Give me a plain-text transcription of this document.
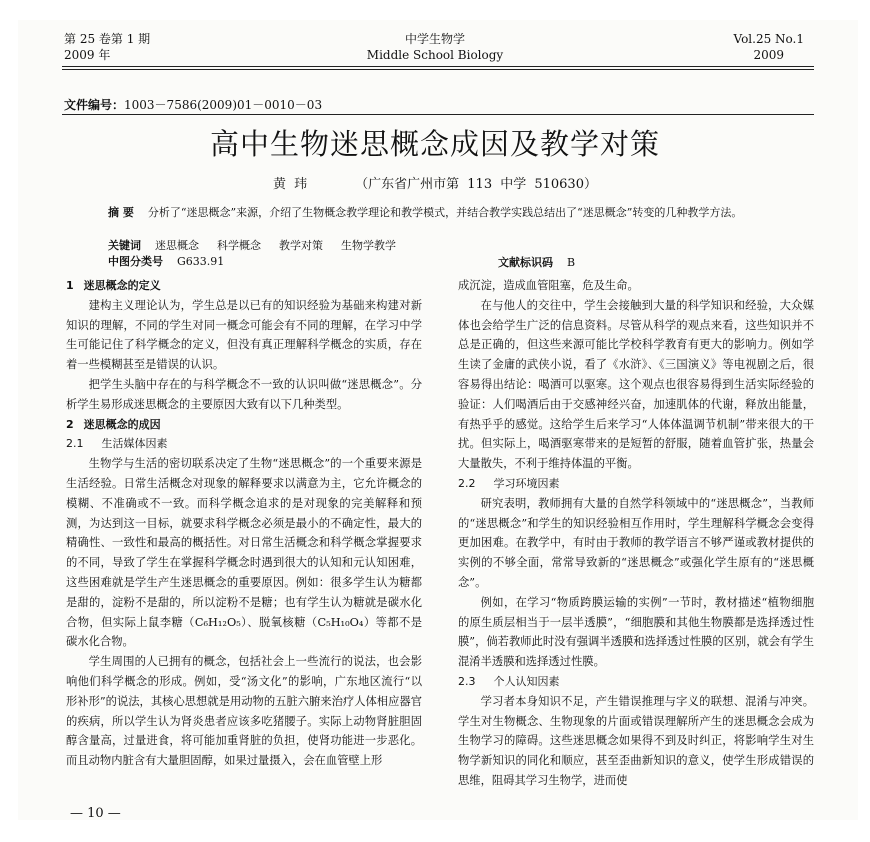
第 25 卷第 1 期
2009 年
中学生物学
Middle School Biology
Vol.25 No.1
2009
文件编号：1003－7586(2009)01－0010－03
高中生物迷思概念成因及教学对策
黄 玮	（广东省广州市第 113 中学 510630）
摘 要 分析了“迷思概念”来源，介绍了生物概念教学理论和教学模式，并结合教学实践总结出了“迷思概念”转变的几种教学方法。
关键词 迷思概念 科学概念 教学对策 生物学教学
中图分类号 G633.91	文献标识码 B
1 迷思概念的定义

建构主义理论认为，学生总是以已有的知识经验为基础来构建对新知识的理解，不同的学生对同一概念可能会有不同的理解，在学习中学生可能记住了科学概念的定义，但没有真正理解科学概念的实质，存在着一些模糊甚至是错误的认识。

把学生头脑中存在的与科学概念不一致的认识叫做“迷思概念”。分析学生易形成迷思概念的主要原因大致有以下几种类型。

2 迷思概念的成因
2.1 生活媒体因素

生物学与生活的密切联系决定了生物“迷思概念”的一个重要来源是生活经验。日常生活概念对现象的解释要求以满意为主，它允许概念的模糊、不准确或不一致。而科学概念追求的是对现象的完美解释和预测，为达到这一目标，就要求科学概念必须是最小的不确定性，最大的精确性、一致性和最高的概括性。对日常生活概念和科学概念掌握要求的不同，导致了学生在掌握科学概念时遇到很大的认知和元认知困难，这些困难就是学生产生迷思概念的重要原因。例如：很多学生认为糖都是甜的，淀粉不是甜的，所以淀粉不是糖；也有学生认为糖就是碳水化合物，但实际上鼠李糖（C₆H₁₂O₅）、脱氧核糖（C₅H₁₀O₄）等都不是碳水化合物。

学生周围的人已拥有的概念，包括社会上一些流行的说法，也会影响他们科学概念的形成。例如，受“汤文化”的影响，广东地区流行“以形补形”的说法，其核心思想就是用动物的五脏六腑来治疗人体相应器官的疾病，所以学生认为肾炎患者应该多吃猪腰子。实际上动物肾脏胆固醇含量高，过量进食，将可能加重肾脏的负担，使肾功能进一步恶化。而且动物内脏含有大量胆固醇，如果过量摄入，会在血管壁上形

成沉淀，造成血管阻塞，危及生命。

在与他人的交往中，学生会接触到大量的科学知识和经验，大众媒体也会给学生广泛的信息资料。尽管从科学的观点来看，这些知识并不总是正确的，但这些来源可能比学校科学教育有更大的影响力。例如学生读了金庸的武侠小说，看了《水浒》、《三国演义》等电视剧之后，很容易得出结论：喝酒可以驱寒。这个观点也很容易得到生活实际经验的验证：人们喝酒后由于交感神经兴奋，加速肌体的代谢，释放出能量，有热乎乎的感觉。这给学生后来学习“人体体温调节机制”带来很大的干扰。但实际上，喝酒驱寒带来的是短暂的舒服，随着血管扩张，热量会大量散失，不利于维持体温的平衡。

2.2 学习环境因素

研究表明，教师拥有大量的自然学科领域中的“迷思概念”，当教师的“迷思概念”和学生的知识经验相互作用时，学生理解科学概念会变得更加困难。在教学中，有时由于教师的教学语言不够严谨或教材提供的实例的不够全面，常常导致新的“迷思概念”或强化学生原有的“迷思概念”。

例如，在学习“物质跨膜运输的实例”一节时，教材描述“植物细胞的原生质层相当于一层半透膜”，“细胞膜和其他生物膜都是选择透过性膜”，倘若教师此时没有强调半透膜和选择透过性膜的区别，就会有学生混淆半透膜和选择透过性膜。

2.3 个人认知因素

学习者本身知识不足，产生错误推理与字义的联想、混淆与冲突。学生对生物概念、生物现象的片面或错误理解所产生的迷思概念会成为生物学习的障碍。这些迷思概念如果得不到及时纠正，将影响学生对生物学新知识的同化和顺应，甚至歪曲新知识的意义，使学生形成错误的思维，阻碍其学习生物学，进而使

— 10 —
